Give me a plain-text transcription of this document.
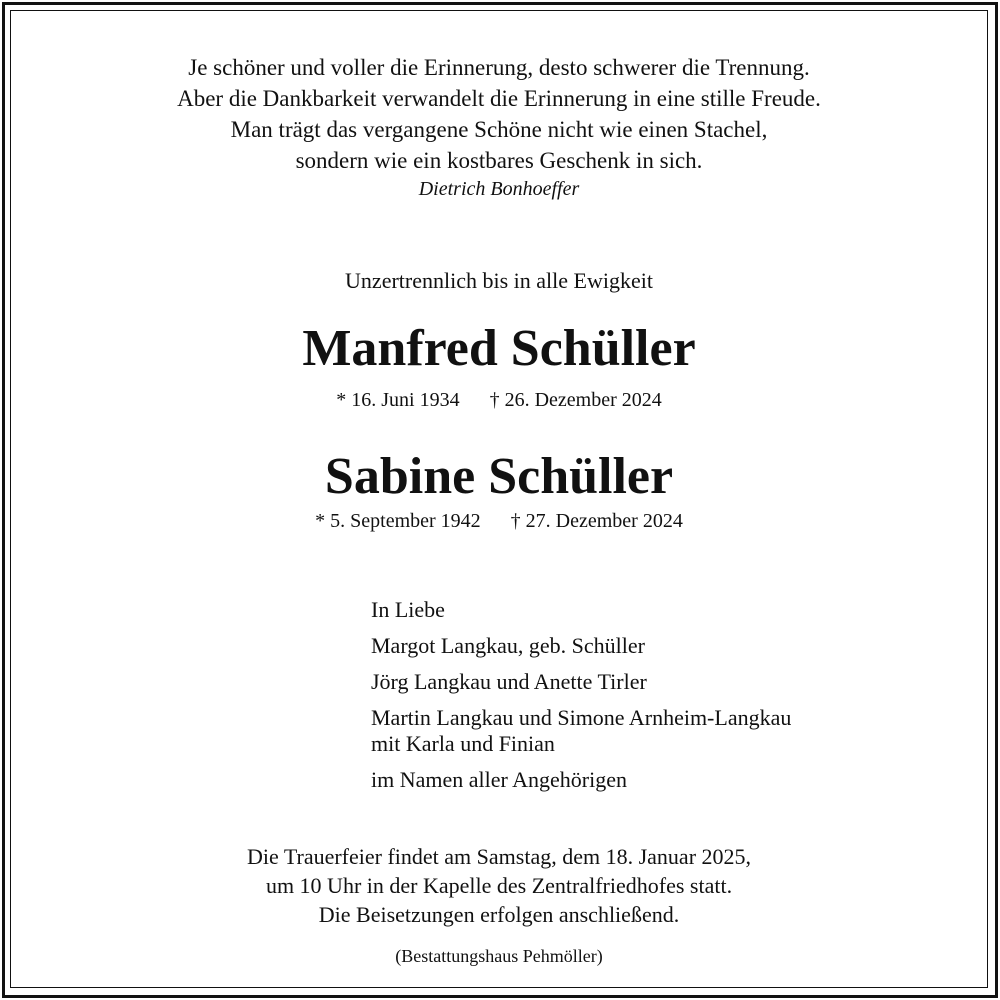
Je schöner und voller die Erinnerung, desto schwerer die Trennung.
Aber die Dankbarkeit verwandelt die Erinnerung in eine stille Freude.
Man trägt das vergangene Schöne nicht wie einen Stachel,
sondern wie ein kostbares Geschenk in sich.
Dietrich Bonhoeffer
Unzertrennlich bis in alle Ewigkeit
Manfred Schüller
* 16. Juni 1934 † 26. Dezember 2024
Sabine Schüller
* 5. September 1942 † 27. Dezember 2024
In Liebe
Margot Langkau, geb. Schüller
Jörg Langkau und Anette Tirler
Martin Langkau und Simone Arnheim-Langkau
mit Karla und Finian
im Namen aller Angehörigen
Die Trauerfeier findet am Samstag, dem 18. Januar 2025,
um 10 Uhr in der Kapelle des Zentralfriedhofes statt.
Die Beisetzungen erfolgen anschließend.
(Bestattungshaus Pehmöller)
